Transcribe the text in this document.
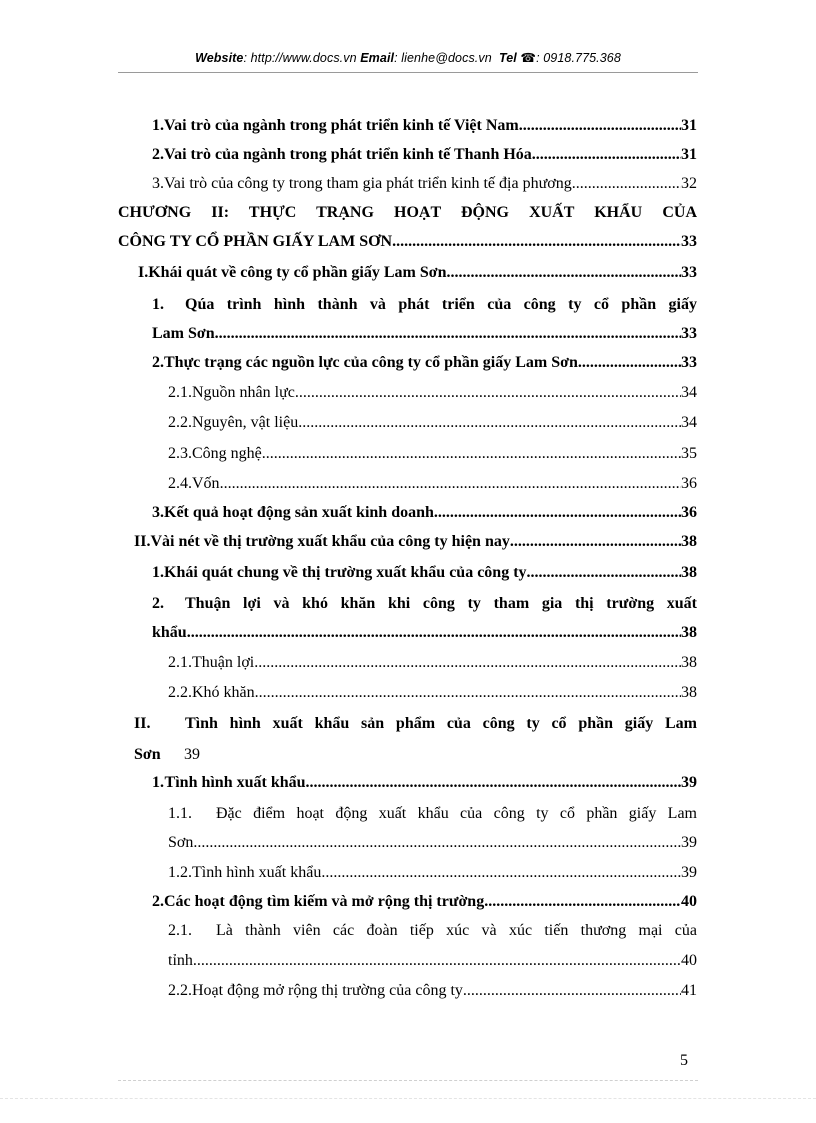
Website: http://www.docs.vn Email: lienhe@docs.vn Tel ☎: 0918.775.368
1. Vai trò của ngành trong phát triển kinh tế Việt Nam .....	31
2. Vai trò của ngành trong phát triển kinh tế Thanh Hóa .....	31
3. Vai trò của công ty trong tham gia phát triển kinh tế địa phương .....	32
CHƯƠNG II: THỰC TRẠNG HOẠT ĐỘNG XUẤT KHẨU CỦA
CÔNG TY CỔ PHẦN GIẤY LAM SƠN .....	33
I. Khái quát về công ty cổ phần giấy Lam Sơn .....	33
1.	Qúa trình hình thành và phát triển của công ty cổ phần giấy
Lam Sơn .....	33
2. Thực trạng các nguồn lực của công ty cổ phần giấy Lam Sơn .....	33
2.1. Nguồn nhân lực .....	34
2.2. Nguyên, vật liệu .....	34
2.3. Công nghệ .....	35
2.4. Vốn .....	36
3. Kết quả hoạt động sản xuất kinh doanh .....	36
II. Vài nét về thị trường xuất khẩu của công ty hiện nay .....	38
1. Khái quát chung về thị trường xuất khẩu của công ty .....	38
2.	Thuận lợi và khó khăn khi công ty tham gia thị trường xuất
khẩu .....	38
2.1. Thuận lợi .....	38
2.2. Khó khăn .....	38
II.	Tình hình xuất khẩu sản phẩm của công ty cổ phần giấy Lam
Sơn	39
1. Tình hình xuất khẩu .....	39
1.1.	Đặc điểm hoạt động xuất khẩu của công ty cổ phần giấy Lam
Sơn .....	39
1.2. Tình hình xuất khẩu .....	39
2. Các hoạt động tìm kiếm và mở rộng thị trường .....	40
2.1.	Là thành viên các đoàn tiếp xúc và xúc tiến thương mại của
tỉnh .....	40
2.2. Hoạt động mở rộng thị trường của công ty .....	41
5
